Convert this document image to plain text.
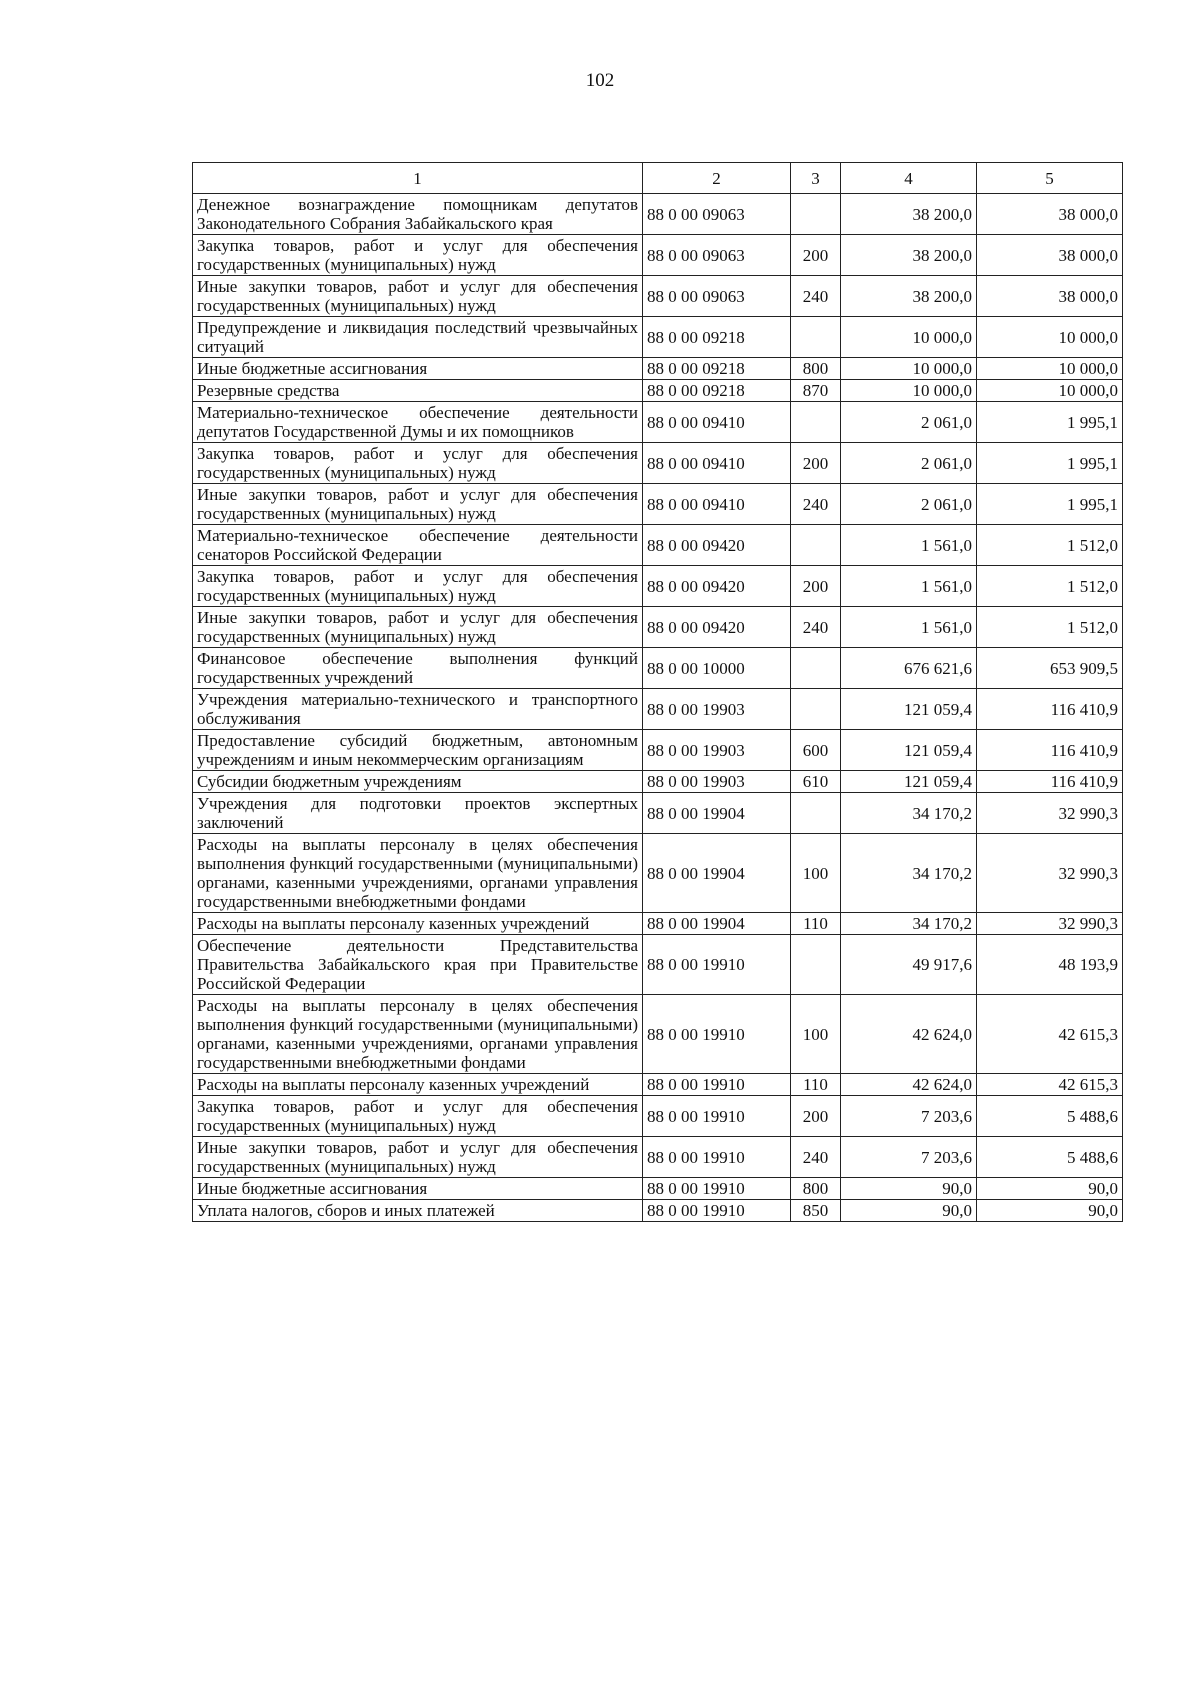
102
1	2	3	4	5
Денежное вознаграждение помощникам депутатов Законодательного Собрания Забайкальского края	88 0 00 09063		38 200,0	38 000,0
Закупка товаров, работ и услуг для обеспечения государственных (муниципальных) нужд	88 0 00 09063	200	38 200,0	38 000,0
Иные закупки товаров, работ и услуг для обеспечения государственных (муниципальных) нужд	88 0 00 09063	240	38 200,0	38 000,0
Предупреждение и ликвидация последствий чрезвычайных ситуаций	88 0 00 09218		10 000,0	10 000,0
Иные бюджетные ассигнования	88 0 00 09218	800	10 000,0	10 000,0
Резервные средства	88 0 00 09218	870	10 000,0	10 000,0
Материально-техническое обеспечение деятельности депутатов Государственной Думы и их помощников	88 0 00 09410		2 061,0	1 995,1
Закупка товаров, работ и услуг для обеспечения государственных (муниципальных) нужд	88 0 00 09410	200	2 061,0	1 995,1
Иные закупки товаров, работ и услуг для обеспечения государственных (муниципальных) нужд	88 0 00 09410	240	2 061,0	1 995,1
Материально-техническое обеспечение деятельности сенаторов Российской Федерации	88 0 00 09420		1 561,0	1 512,0
Закупка товаров, работ и услуг для обеспечения государственных (муниципальных) нужд	88 0 00 09420	200	1 561,0	1 512,0
Иные закупки товаров, работ и услуг для обеспечения государственных (муниципальных) нужд	88 0 00 09420	240	1 561,0	1 512,0
Финансовое обеспечение выполнения функций государственных учреждений	88 0 00 10000		676 621,6	653 909,5
Учреждения материально-технического и транспортного обслуживания	88 0 00 19903		121 059,4	116 410,9
Предоставление субсидий бюджетным, автономным учреждениям и иным некоммерческим организациям	88 0 00 19903	600	121 059,4	116 410,9
Субсидии бюджетным учреждениям	88 0 00 19903	610	121 059,4	116 410,9
Учреждения для подготовки проектов экспертных заключений	88 0 00 19904		34 170,2	32 990,3
Расходы на выплаты персоналу в целях обеспечения выполнения функций государственными (муниципальными) органами, казенными учреждениями, органами управления государственными внебюджетными фондами	88 0 00 19904	100	34 170,2	32 990,3
Расходы на выплаты персоналу казенных учреждений	88 0 00 19904	110	34 170,2	32 990,3
Обеспечение деятельности Представительства Правительства Забайкальского края при Правительстве Российской Федерации	88 0 00 19910		49 917,6	48 193,9
Расходы на выплаты персоналу в целях обеспечения выполнения функций государственными (муниципальными) органами, казенными учреждениями, органами управления государственными внебюджетными фондами	88 0 00 19910	100	42 624,0	42 615,3
Расходы на выплаты персоналу казенных учреждений	88 0 00 19910	110	42 624,0	42 615,3
Закупка товаров, работ и услуг для обеспечения государственных (муниципальных) нужд	88 0 00 19910	200	7 203,6	5 488,6
Иные закупки товаров, работ и услуг для обеспечения государственных (муниципальных) нужд	88 0 00 19910	240	7 203,6	5 488,6
Иные бюджетные ассигнования	88 0 00 19910	800	90,0	90,0
Уплата налогов, сборов и иных платежей	88 0 00 19910	850	90,0	90,0
